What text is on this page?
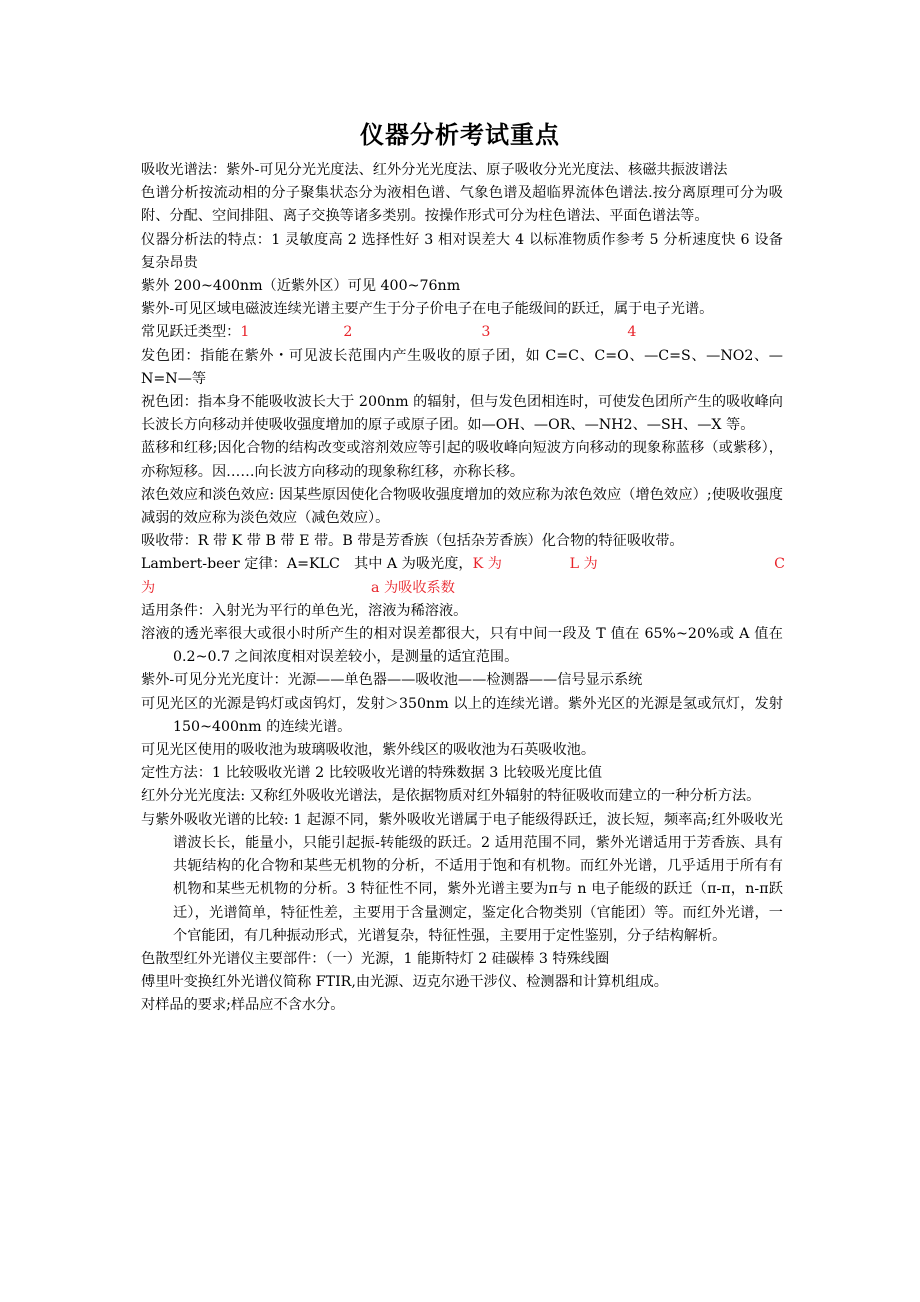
仪器分析考试重点

吸收光谱法：紫外-可见分光光度法、红外分光光度法、原子吸收分光光度法、核磁共振波谱法

色谱分析按流动相的分子聚集状态分为液相色谱、气象色谱及超临界流体色谱法.按分离原理可分为吸附、分配、空间排阻、离子交换等诸多类别。按操作形式可分为柱色谱法、平面色谱法等。

仪器分析法的特点：1 灵敏度高 2 选择性好 3 相对误差大 4 以标准物质作参考 5 分析速度快 6 设备复杂昂贵

紫外 200~400nm（近紫外区）可见 400~76nm

紫外-可见区域电磁波连续光谱主要产生于分子价电子在电子能级间的跃迁，属于电子光谱。

常见跃迁类型： 1	2	3	4

发色团：指能在紫外・可见波长范围内产生吸收的原子团，如 C=C、C=O、—C=S、—NO2、—N=N—等

祝色团：指本身不能吸收波长大于 200nm 的辐射，但与发色团相连时，可使发色团所产生的吸收峰向长波长方向移动并使吸收强度增加的原子或原子团。如—OH、—OR、—NH2、—SH、—X 等。

蓝移和红移;因化合物的结构改变或溶剂效应等引起的吸收峰向短波方向移动的现象称蓝移（或紫移），亦称短移。因……向长波方向移动的现象称红移，亦称长移。

浓色效应和淡色效应: 因某些原因使化合物吸收强度增加的效应称为浓色效应（增色效应）;使吸收强度减弱的效应称为淡色效应（减色效应）。

吸收带：R 带 K 带 B 带 E 带。B 带是芳香族（包括杂芳香族）化合物的特征吸收带。

Lambert-beer 定律：A=KLC　其中 A 为吸光度， K 为	L 为	C
为	a 为吸收系数

适用条件：入射光为平行的单色光，溶液为稀溶液。

溶液的透光率很大或很小时所产生的相对误差都很大，只有中间一段及 T 值在 65%~20%或 A 值在 0.2~0.7 之间浓度相对误差较小，是测量的适宜范围。

紫外-可见分光光度计：光源——单色器——吸收池——检测器——信号显示系统

可见光区的光源是钨灯或卤钨灯，发射＞350nm 以上的连续光谱。紫外光区的光源是氢或氘灯，发射 150~400nm 的连续光谱。

可见光区使用的吸收池为玻璃吸收池，紫外线区的吸收池为石英吸收池。

定性方法：1 比较吸收光谱 2 比较吸收光谱的特殊数据 3 比较吸光度比值

红外分光光度法: 又称红外吸收光谱法，是依据物质对红外辐射的特征吸收而建立的一种分析方法。

与紫外吸收光谱的比较: 1 起源不同，紫外吸收光谱属于电子能级得跃迁，波长短，频率高;红外吸收光谱波长长，能量小，只能引起振-转能级的跃迁。2 适用范围不同，紫外光谱适用于芳香族、具有共轭结构的化合物和某些无机物的分析，不适用于饱和有机物。而红外光谱，几乎适用于所有有机物和某些无机物的分析。3 特征性不同，紫外光谱主要为π与 n 电子能级的跃迁（π-π，n-π跃迁），光谱简单，特征性差，主要用于含量测定，鉴定化合物类别（官能团）等。而红外光谱，一个官能团，有几种振动形式，光谱复杂，特征性强，主要用于定性鉴别，分子结构解析。

色散型红外光谱仪主要部件：（一）光源，1 能斯特灯 2 硅碳棒 3 特殊线圈

傅里叶变换红外光谱仪简称 FTIR,由光源、迈克尔逊干涉仪、检测器和计算机组成。

对样品的要求;样品应不含水分。
